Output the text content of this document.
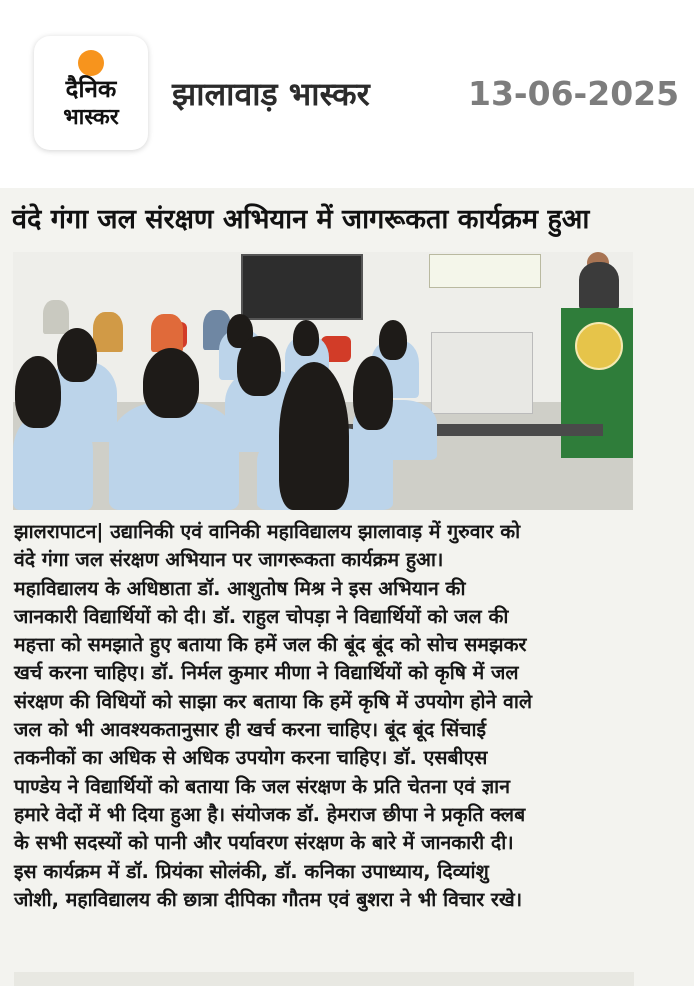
दैनिक
भास्कर
झालावाड़ भास्कर	13-06-2025
वंदे गंगा जल संरक्षण अभियान में जागरूकता कार्यक्रम हुआ

झालरापाटन| उद्यानिकी एवं वानिकी महाविद्यालय झालावाड़ में गुरुवार को

वंदे गंगा जल संरक्षण अभियान पर जागरूकता कार्यक्रम हुआ।

महाविद्यालय के अधिष्ठाता डॉ. आशुतोष मिश्र ने इस अभियान की

जानकारी विद्यार्थियों को दी। डॉ. राहुल चोपड़ा ने विद्यार्थियों को जल की

महत्ता को समझाते हुए बताया कि हमें जल की बूंद बूंद को सोच समझकर

खर्च करना चाहिए। डॉ. निर्मल कुमार मीणा ने विद्यार्थियों को कृषि में जल

संरक्षण की विधियों को साझा कर बताया कि हमें कृषि में उपयोग होने वाले

जल को भी आवश्यकतानुसार ही खर्च करना चाहिए। बूंद बूंद सिंचाई

तकनीकों का अधिक से अधिक उपयोग करना चाहिए। डॉ. एसबीएस

पाण्डेय ने विद्यार्थियों को बताया कि जल संरक्षण के प्रति चेतना एवं ज्ञान

हमारे वेदों में भी दिया हुआ है। संयोजक डॉ. हेमराज छीपा ने प्रकृति क्लब

के सभी सदस्यों को पानी और पर्यावरण संरक्षण के बारे में जानकारी दी।

इस कार्यक्रम में डॉ. प्रियंका सोलंकी, डॉ. कनिका उपाध्याय, दिव्यांशु

जोशी, महाविद्यालय की छात्रा दीपिका गौतम एवं बुशरा ने भी विचार रखे।
